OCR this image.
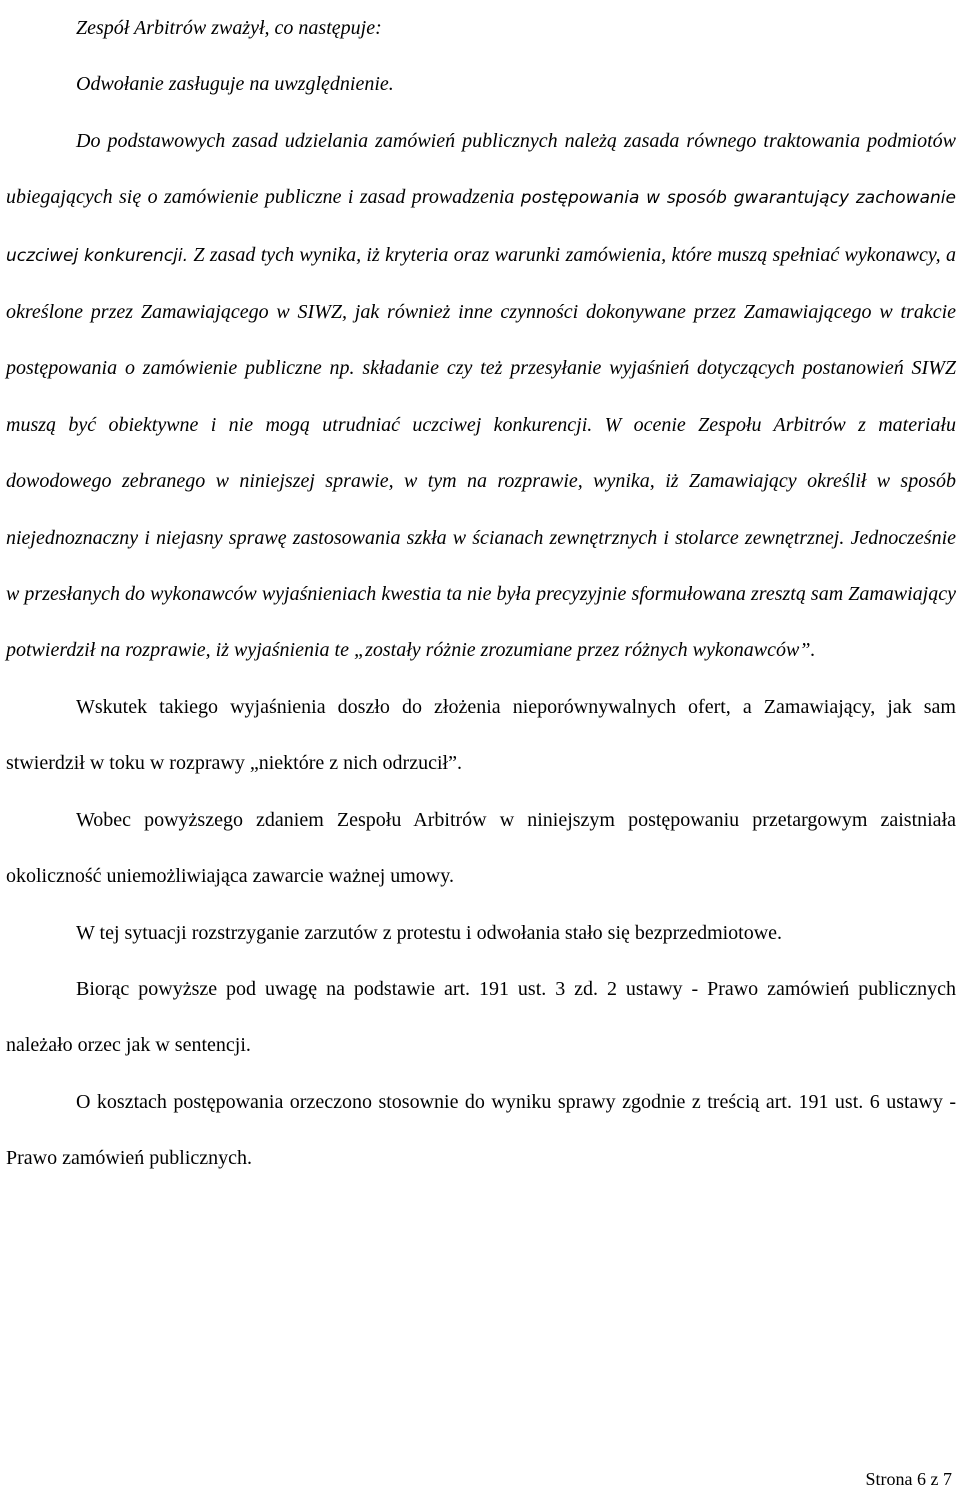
Zespół Arbitrów zważył, co następuje:

Odwołanie zasługuje na uwzględnienie.

Do podstawowych zasad udzielania zamówień publicznych należą zasada równego traktowania podmiotów ubiegających się o zamówienie publiczne i zasad prowadzenia postępowania w sposób gwarantujący zachowanie uczciwej konkurencji. Z zasad tych wynika, iż kryteria oraz warunki zamówienia, które muszą spełniać wykonawcy, a określone przez Zamawiającego w SIWZ, jak również inne czynności dokonywane przez Zamawiającego w trakcie postępowania o zamówienie publiczne np. składanie czy też przesyłanie wyjaśnień dotyczących postanowień SIWZ muszą być obiektywne i nie mogą utrudniać uczciwej konkurencji. W ocenie Zespołu Arbitrów z materiału dowodowego zebranego w niniejszej sprawie, w tym na rozprawie, wynika, iż Zamawiający określił w sposób niejednoznaczny i niejasny sprawę zastosowania szkła w ścianach zewnętrznych i stolarce zewnętrznej. Jednocześnie w przesłanych do wykonawców wyjaśnieniach kwestia ta nie była precyzyjnie sformułowana zresztą sam Zamawiający potwierdził na rozprawie, iż wyjaśnienia te „zostały różnie zrozumiane przez różnych wykonawców”.

Wskutek takiego wyjaśnienia doszło do złożenia nieporównywalnych ofert, a Zamawiający, jak sam stwierdził w toku w rozprawy „niektóre z nich odrzucił”.

Wobec powyższego zdaniem Zespołu Arbitrów w niniejszym postępowaniu przetargowym zaistniała okoliczność uniemożliwiająca zawarcie ważnej umowy.

W tej sytuacji rozstrzyganie zarzutów z protestu i odwołania stało się bezprzedmiotowe.

Biorąc powyższe pod uwagę na podstawie art. 191 ust. 3 zd. 2 ustawy - Prawo zamówień publicznych należało orzec jak w sentencji.

O kosztach postępowania orzeczono stosownie do wyniku sprawy zgodnie z treścią art. 191 ust. 6 ustawy - Prawo zamówień publicznych.

Strona 6 z 7
